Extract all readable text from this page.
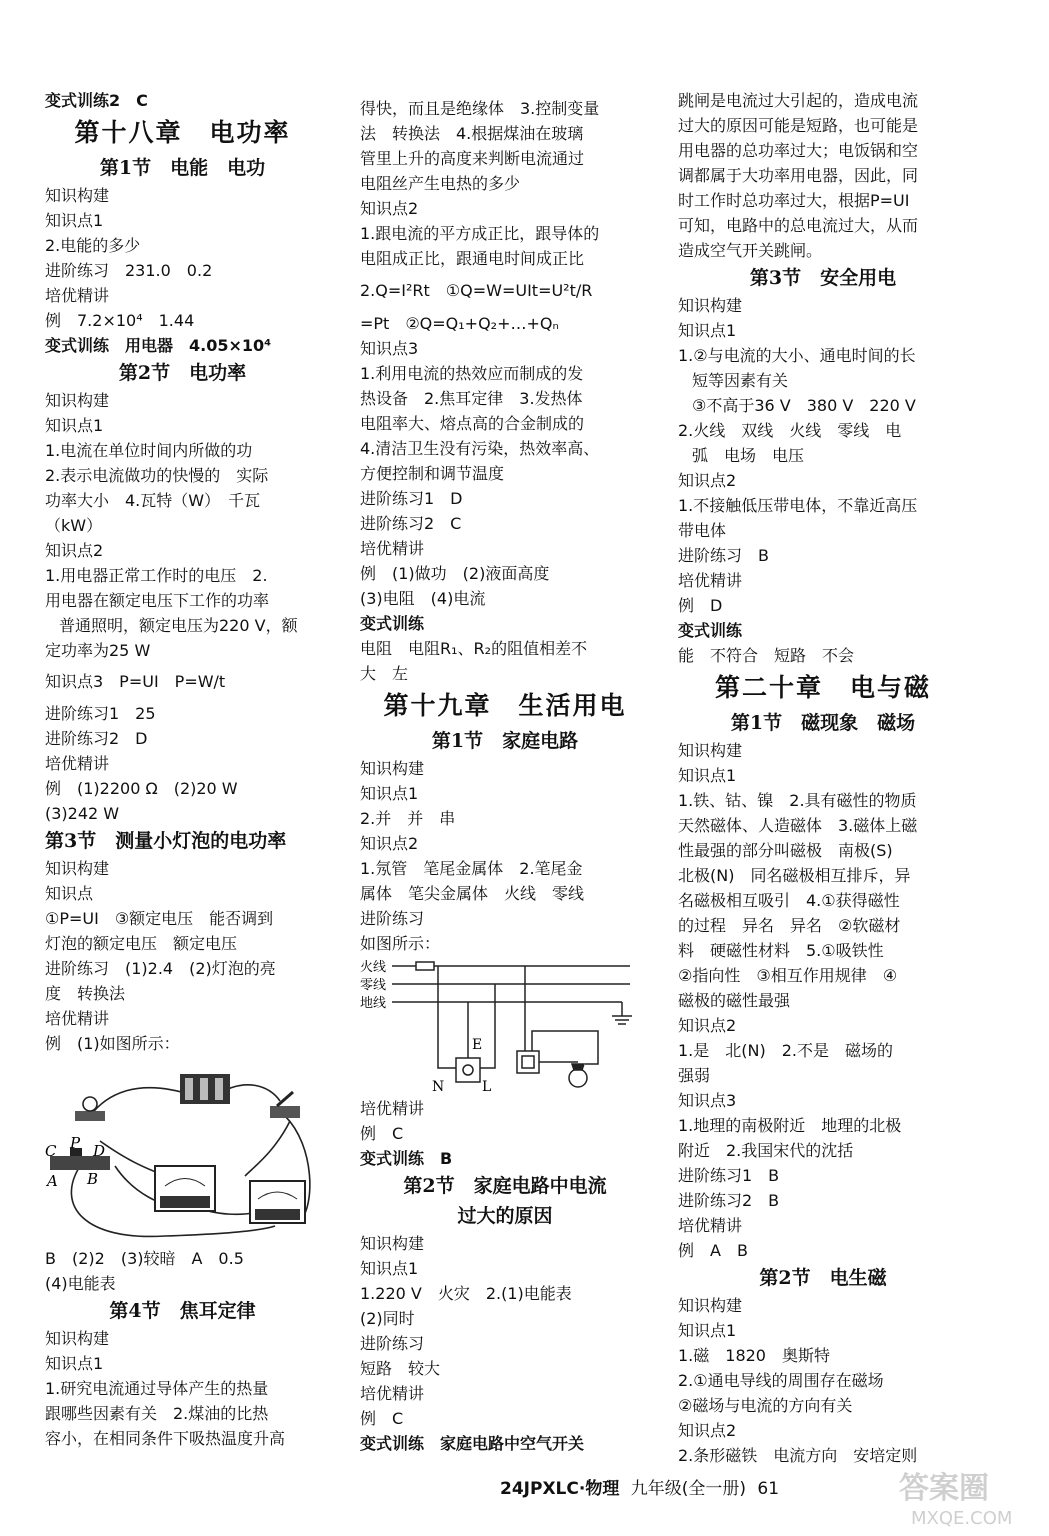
变式训练2　C
第十八章　电功率
第1节　电能　电功
知识构建
知识点1
2.电能的多少
进阶练习　231.0　0.2
培优精讲
例　7.2×10⁴　1.44
变式训练　用电器　4.05×10⁴
第2节　电功率
知识构建
知识点1
1.电流在单位时间内所做的功
2.表示电流做功的快慢的　实际
功率大小　4.瓦特（W）　千瓦
（kW）
知识点2
1.用电器正常工作时的电压　2.
用电器在额定电压下工作的功率
普通照明，额定电压为220 V，额
定功率为25 W
知识点3　P=UI　P=W/t
进阶练习1　25
进阶练习2　D
培优精讲
例　(1)2200 Ω　(2)20 W
(3)242 W
第3节　测量小灯泡的电功率
知识构建
知识点
①P=UI　③额定电压　能否调到
灯泡的额定电压　额定电压
进阶练习　(1)2.4　(2)灯泡的亮
度　转换法
培优精讲
例　(1)如图所示：
C P D
A B
B　(2)2　(3)较暗　A　0.5
(4)电能表
第4节　焦耳定律
知识构建
知识点1
1.研究电流通过导体产生的热量
跟哪些因素有关　2.煤油的比热
容小，在相同条件下吸热温度升高
得快，而且是绝缘体　3.控制变量
法　转换法　4.根据煤油在玻璃
管里上升的高度来判断电流通过
电阻丝产生电热的多少
知识点2
1.跟电流的平方成正比，跟导体的
电阻成正比，跟通电时间成正比
2.Q=I²Rt　①Q=W=UIt=U²t/R
=Pt　②Q=Q₁+Q₂+…+Qₙ
知识点3
1.利用电流的热效应而制成的发
热设备　2.焦耳定律　3.发热体
电阻率大、熔点高的合金制成的
4.清洁卫生没有污染，热效率高、
方便控制和调节温度
进阶练习1　D
进阶练习2　C
培优精讲
例　(1)做功　(2)液面高度
(3)电阻　(4)电流
变式训练
电阻　电阻R₁、R₂的阻值相差不
大　左
第十九章　生活用电
第1节　家庭电路
知识构建
知识点1
2.并　并　串
知识点2
1.氖管　笔尾金属体　2.笔尾金
属体　笔尖金属体　火线　零线
进阶练习
如图所示：
火线
零线
地线
E
N	L
培优精讲
例　C
变式训练　B
第2节　家庭电路中电流
过大的原因
知识构建
知识点1
1.220 V　火灾　2.(1)电能表
(2)同时
进阶练习
短路　较大
培优精讲
例　C
变式训练　家庭电路中空气开关
跳闸是电流过大引起的，造成电流
过大的原因可能是短路，也可能是
用电器的总功率过大；电饭锅和空
调都属于大功率用电器，因此，同
时工作时总功率过大，根据P=UI
可知，电路中的总电流过大，从而
造成空气开关跳闸。
第3节　安全用电
知识构建
知识点1
1.②与电流的大小、通电时间的长
短等因素有关
③不高于36 V　380 V　220 V
2.火线　双线　火线　零线　电
弧　电场　电压
知识点2
1.不接触低压带电体，不靠近高压
带电体
进阶练习　B
培优精讲
例　D
变式训练
能　不符合　短路　不会
第二十章　电与磁
第1节　磁现象　磁场
知识构建
知识点1
1.铁、钴、镍　2.具有磁性的物质
天然磁体、人造磁体　3.磁体上磁
性最强的部分叫磁极　南极(S)
北极(N)　同名磁极相互排斥，异
名磁极相互吸引　4.①获得磁性
的过程　异名　异名　②软磁材
料　硬磁性材料　5.①吸铁性
②指向性　③相互作用规律　④
磁极的磁性最强
知识点2
1.是　北(N)　2.不是　磁场的
强弱
知识点3
1.地理的南极附近　地理的北极
附近　2.我国宋代的沈括
进阶练习1　B
进阶练习2　B
培优精讲
例　A　B
第2节　电生磁
知识构建
知识点1
1.磁　1820　奥斯特
2.①通电导线的周围存在磁场
②磁场与电流的方向有关
知识点2
2.条形磁铁　电流方向　安培定则
24JPXLC·物理 九年级(全一册) 61	答案圈
MXQE.COM
